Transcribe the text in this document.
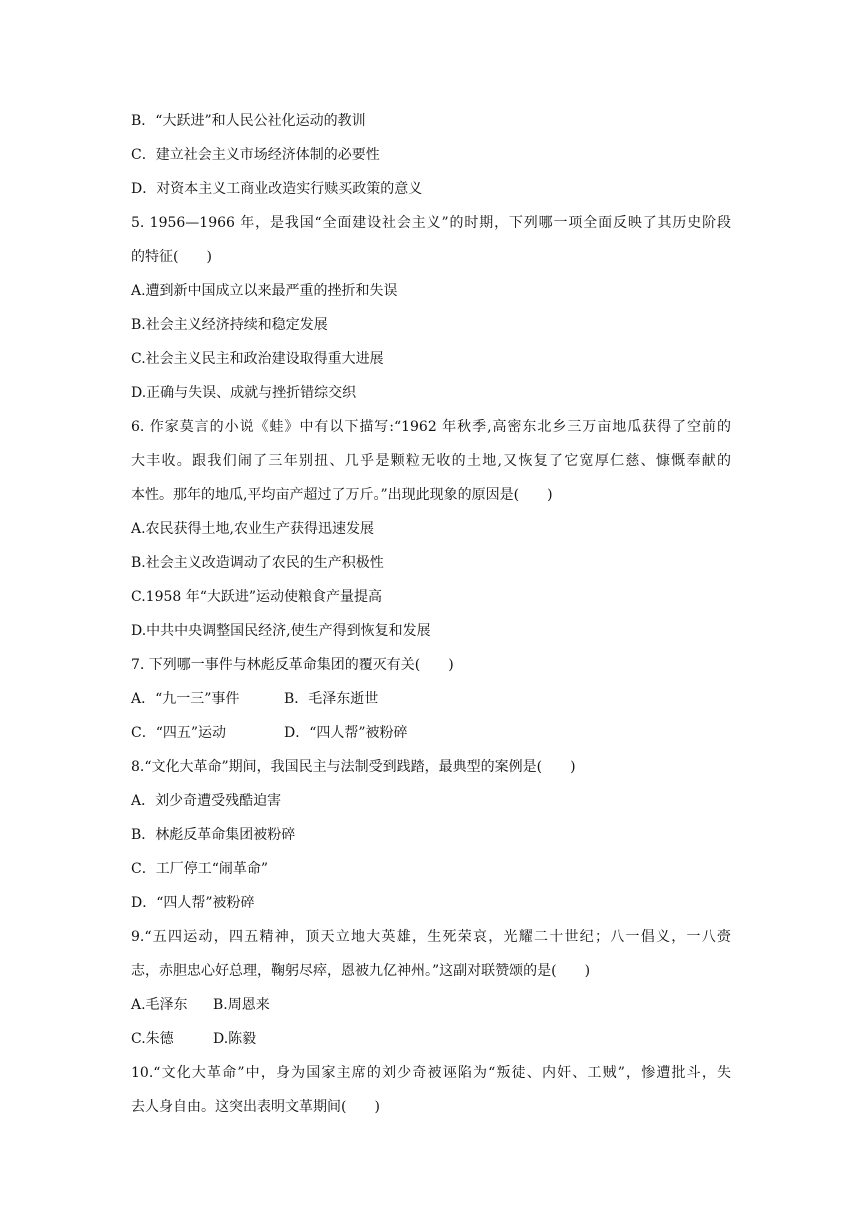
B．“大跃进”和人民公社化运动的教训
C．建立社会主义市场经济体制的必要性
D．对资本主义工商业改造实行赎买政策的意义
5. 1956—1966 年，是我国“全面建设社会主义”的时期，下列哪一项全面反映了其历史阶段
的特征(　　)
A.遭到新中国成立以来最严重的挫折和失误
B.社会主义经济持续和稳定发展
C.社会主义民主和政治建设取得重大进展
D.正确与失误、成就与挫折错综交织
6. 作家莫言的小说《蛙》中有以下描写:“1962 年秋季,高密东北乡三万亩地瓜获得了空前的
大丰收。跟我们闹了三年别扭、几乎是颗粒无收的土地,又恢复了它宽厚仁慈、慷慨奉献的
本性。那年的地瓜,平均亩产超过了万斤。”出现此现象的原因是(　　)
A.农民获得土地,农业生产获得迅速发展
B.社会主义改造调动了农民的生产积极性
C.1958 年“大跃进”运动使粮食产量提高
D.中共中央调整国民经济,使生产得到恢复和发展
7. 下列哪一事件与林彪反革命集团的覆灭有关(　　)
A．“九一三”事件	B．毛泽东逝世
C．“四五”运动	D．“四人帮”被粉碎
8.“文化大革命”期间，我国民主与法制受到践踏，最典型的案例是(　　)
A．刘少奇遭受残酷迫害
B．林彪反革命集团被粉碎
C．工厂停工“闹革命”
D．“四人帮”被粉碎
9.“五四运动，四五精神，顶天立地大英雄，生死荣哀，光耀二十世纪；八一倡义，一八赍
志，赤胆忠心好总理，鞠躬尽瘁，恩被九亿神州。”这副对联赞颂的是(　　)
A.毛泽东	B.周恩来
C.朱德	D.陈毅
10.“文化大革命”中，身为国家主席的刘少奇被诬陷为“叛徒、内奸、工贼”，惨遭批斗，失
去人身自由。这突出表明文革期间(　　)
